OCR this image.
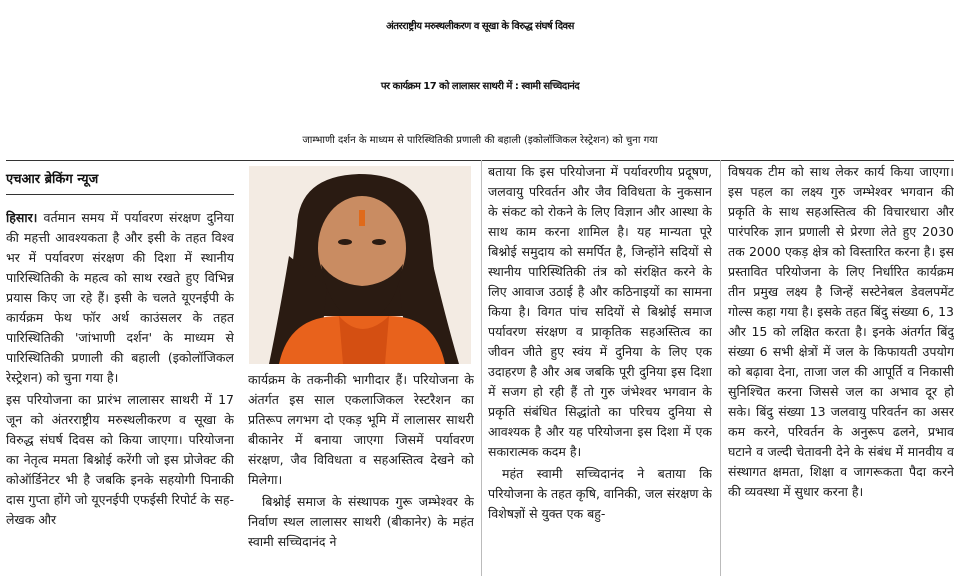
अंतरराष्ट्रीय मरुस्थलीकरण व सूखा के विरुद्ध संघर्ष दिवस
पर कार्यक्रम 17 को लालासर साथरी में : स्वामी सच्चिदानंद
जाम्भाणी दर्शन के माध्यम से पारिस्थितिकी प्रणाली की बहाली (इकोलॉजिकल रेस्ट्रेशन) को चुना गया
एचआर ब्रेकिंग न्यूज

हिसार। वर्तमान समय में पर्यावरण संरक्षण दुनिया की महत्ती आवश्यकता है और इसी के तहत विश्व भर में पर्यावरण संरक्षण की दिशा में स्थानीय पारिस्थितिकी के महत्व को साथ रखते हुए विभिन्न प्रयास किए जा रहे हैं। इसी के चलते यूएनईपी के कार्यक्रम फेथ फॉर अर्थ काउंसलर के तहत पारिस्थितिकी 'जांभाणी दर्शन' के माध्यम से पारिस्थितिकी प्रणाली की बहाली (इकोलॉजिकल रेस्ट्रेशन) को चुना गया है।

इस परियोजना का प्रारंभ लालासर साथरी में 17 जून को अंतरराष्ट्रीय मरुस्थलीकरण व सूखा के विरुद्ध संघर्ष दिवस को किया जाएगा। परियोजना का नेतृत्व ममता बिश्नोई करेंगी जो इस प्रोजेक्ट की कोऑर्डिनेटर भी है जबकि इनके सहयोगी पिनाकी दास गुप्ता होंगे जो यूएनईपी एफईसी रिपोर्ट के सह-लेखक और

कार्यक्रम के तकनीकी भागीदार हैं। परियोजना के अंतर्गत इस साल एकलाजिकल रेस्टरैशन का प्रतिरूप लगभग दो एकड़ भूमि में लालासर साथरी बीकानेर में बनाया जाएगा जिसमें पर्यावरण संरक्षण, जैव विविधता व सहअस्तित्व देखने को मिलेगा।

बिश्नोई समाज के संस्थापक गुरू जम्भेश्वर के निर्वाण स्थल लालासर साथरी (बीकानेर) के महंत स्वामी सच्चिदानंद ने

बताया कि इस परियोजना में पर्यावरणीय प्रदूषण, जलवायु परिवर्तन और जैव विविधता के नुकसान के संकट को रोकने के लिए विज्ञान और आस्था के साथ काम करना शामिल है। यह मान्यता पूरे बिश्नोई समुदाय को समर्पित है, जिन्होंने सदियों से स्थानीय पारिस्थितिकी तंत्र को संरक्षित करने के लिए आवाज उठाई है और कठिनाइयों का सामना किया है। विगत पांच सदियों से बिश्नोई समाज पर्यावरण संरक्षण व प्राकृतिक सहअस्तित्व का जीवन जीते हुए स्वंय में दुनिया के लिए एक उदाहरण है और अब जबकि पूरी दुनिया इस दिशा में सजग हो रही हैं तो गुरु जंभेश्वर भगवान के प्रकृति संबंधित सिद्धांतो का परिचय दुनिया से आवश्यक है और यह परियोजना इस दिशा में एक सकारात्मक कदम है।

महंत स्वामी सच्चिदानंद ने बताया कि परियोजना के तहत कृषि, वानिकी, जल संरक्षण के विशेषज्ञों से युक्त एक बहु-

विषयक टीम को साथ लेकर कार्य किया जाएगा। इस पहल का लक्ष्य गुरु जम्भेश्वर भगवान की प्रकृति के साथ सहअस्तित्व की विचारधारा और पारंपरिक ज्ञान प्रणाली से प्रेरणा लेते हुए 2030 तक 2000 एकड़ क्षेत्र को विस्तारित करना है। इस प्रस्तावित परियोजना के लिए निर्धारित कार्यक्रम तीन प्रमुख लक्ष्य है जिन्हें सस्टेनेबल डेवलपमेंट गोल्स कहा गया है। इसके तहत बिंदु संख्या 6, 13 और 15 को लक्षित करता है। इनके अंतर्गत बिंदु संख्या 6 सभी क्षेत्रों में जल के किफायती उपयोग को बढ़ावा देना, ताजा जल की आपूर्ति व निकासी सुनिश्चित करना जिससे जल का अभाव दूर हो सके। बिंदु संख्या 13 जलवायु परिवर्तन का असर कम करने, परिवर्तन के अनुरूप ढलने, प्रभाव घटाने व जल्दी चेतावनी देने के संबंध में मानवीय व संस्थागत क्षमता, शिक्षा व जागरूकता पैदा करने की व्यवस्था में सुधार करना है।
